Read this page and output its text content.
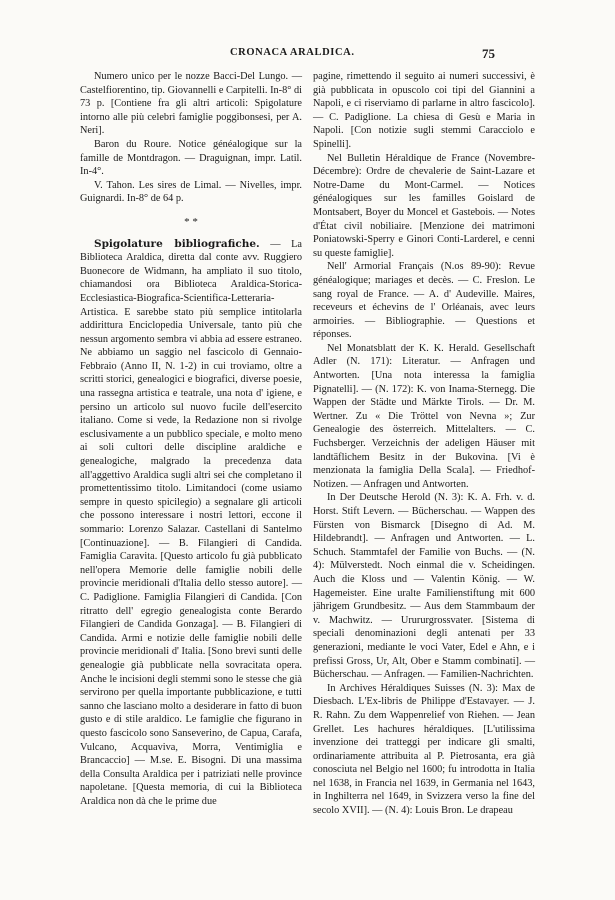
CRONACA ARALDICA.	75

Numero unico per le nozze Bacci-Del Lungo. — Castelfiorentino, tip. Giovannelli e Carpitelli. In-8° di 73 p. [Contiene fra gli altri articoli: Spigolature intorno alle più celebri famiglie poggibonsesi, per A. Neri].

Baron du Roure. Notice généalogique sur la famille de Montdragon. — Draguignan, impr. Latil. In-4°.

V. Tahon. Les sires de Limal. — Nivelles, impr. Guignardi. In-8° de 64 p.

* *

Spigolature bibliografiche. — La Biblioteca Araldica, diretta dal conte avv. Ruggiero Buonecore de Widmann, ha ampliato il suo titolo, chiamandosi ora Biblioteca Araldica-Storica-Ecclesiastica-Biografica-Scientifica-Letteraria-Artistica. E sarebbe stato più semplice intitolarla addirittura Enciclopedia Universale, tanto più che nessun argomento sembra vi abbia ad essere estraneo. Ne abbiamo un saggio nel fascicolo di Gennaio-Febbraio (Anno II, N. 1-2) in cui troviamo, oltre a scritti storici, genealogici e biografici, diverse poesie, una rassegna artistica e teatrale, una nota d' igiene, e persino un articolo sul nuovo fucile dell'esercito italiano. Come si vede, la Redazione non si rivolge esclusivamente a un pubblico speciale, e molto meno ai soli cultori delle discipline araldiche e genealogiche, malgrado la precedenza data all'aggettivo Araldica sugli altri sei che completano il promettentissimo titolo. Limitandoci (come usiamo sempre in questo spicilegio) a segnalare gli articoli che possono interessare i nostri lettori, eccone il sommario: Lorenzo Salazar. Castellani di Santelmo [Continuazione]. — B. Filangieri di Candida. Famiglia Caravita. [Questo articolo fu già pubblicato nell'opera Memorie delle famiglie nobili delle provincie meridionali d'Italia dello stesso autore]. — C. Padiglione. Famiglia Filangieri di Candida. [Con ritratto dell' egregio genealogista conte Berardo Filangieri de Candida Gonzaga]. — B. Filangieri di Candida. Armi e notizie delle famiglie nobili delle provincie meridionali d' Italia. [Sono brevi sunti delle genealogie già pubblicate nella sovracitata opera. Anche le incisioni degli stemmi sono le stesse che già servirono per quella importante pubblicazione, e tutti sanno che lasciano molto a desiderare in fatto di buon gusto e di stile araldico. Le famiglie che figurano in questo fascicolo sono Sanseverino, de Capua, Carafa, Vulcano, Acquaviva, Morra, Ventimiglia e Brancaccio] — M.se. E. Bisogni. Di una massima della Consulta Araldica per i patriziati nelle province napoletane. [Questa memoria, di cui la Biblioteca Araldica non dà che le prime due

pagine, rimettendo il seguito ai numeri successivi, è già pubblicata in opuscolo coi tipi del Giannini a Napoli, e ci riserviamo di parlarne in altro fascicolo]. — C. Padiglione. La chiesa di Gesù e Maria in Napoli. [Con notizie sugli stemmi Caracciolo e Spinelli].

Nel Bulletin Héraldique de France (Novembre-Décembre): Ordre de chevalerie de Saint-Lazare et Notre-Dame du Mont-Carmel. — Notices généalogiques sur les familles Goislard de Montsabert, Boyer du Moncel et Gastebois. — Notes d'État civil nobiliaire. [Menzione dei matrimoni Poniatowski-Sperry e Ginori Conti-Larderel, e cenni su queste famiglie].

Nell' Armorial Français (N.os 89-90): Revue généalogique; mariages et decès. — C. Freslon. Le sang royal de France. — A. d' Audeville. Maires, receveurs et échevins de l' Orléanais, avec leurs armoiries. — Bibliographie. — Questions et réponses.

Nel Monatsblatt der K. K. Herald. Gesellschaft Adler (N. 171): Literatur. — Anfragen und Antworten. [Una nota interessa la famiglia Pignatelli]. — (N. 172): K. von Inama-Sternegg. Die Wappen der Städte und Märkte Tirols. — Dr. M. Wertner. Zu « Die Tröttel von Nevna »; Zur Genealogie des österreich. Mittelalters. — C. Fuchsberger. Verzeichnis der adeligen Häuser mit landtäflichem Besitz in der Bukovina. [Vi è menzionata la famiglia Della Scala]. — Friedhof-Notizen. — Anfragen und Antworten.

In Der Deutsche Herold (N. 3): K. A. Frh. v. d. Horst. Stift Levern. — Bücherschau. — Wappen des Fürsten von Bismarck [Disegno di Ad. M. Hildebrandt]. — Anfragen und Antworten. — L. Schuch. Stammtafel der Familie von Buchs. — (N. 4): Mülverstedt. Noch einmal die v. Scheidingen. Auch die Kloss und — Valentin König. — W. Hagemeister. Eine uralte Familienstiftung mit 600 jährigem Grundbesitz. — Aus dem Stammbaum der v. Machwitz. — Urururgrossvater. [Sistema di speciali denominazioni degli antenati per 33 generazioni, mediante le voci Vater, Edel e Ahn, e i prefissi Gross, Ur, Alt, Ober e Stamm combinati]. — Bücherschau. — Anfragen. — Familien-Nachrichten.

In Archives Héraldiques Suisses (N. 3): Max de Diesbach. L'Ex-libris de Philippe d'Estavayer. — J. R. Rahn. Zu dem Wappenrelief von Riehen. — Jean Grellet. Les hachures héraldiques. [L'utilissima invenzione dei tratteggi per indicare gli smalti, ordinariamente attribuita al P. Pietrosanta, era già conosciuta nel Belgio nel 1600; fu introdotta in Italia nel 1638, in Francia nel 1639, in Germania nel 1643, in Inghilterra nel 1649, in Svizzera verso la fine del secolo XVII]. — (N. 4): Louis Bron. Le drapeau
